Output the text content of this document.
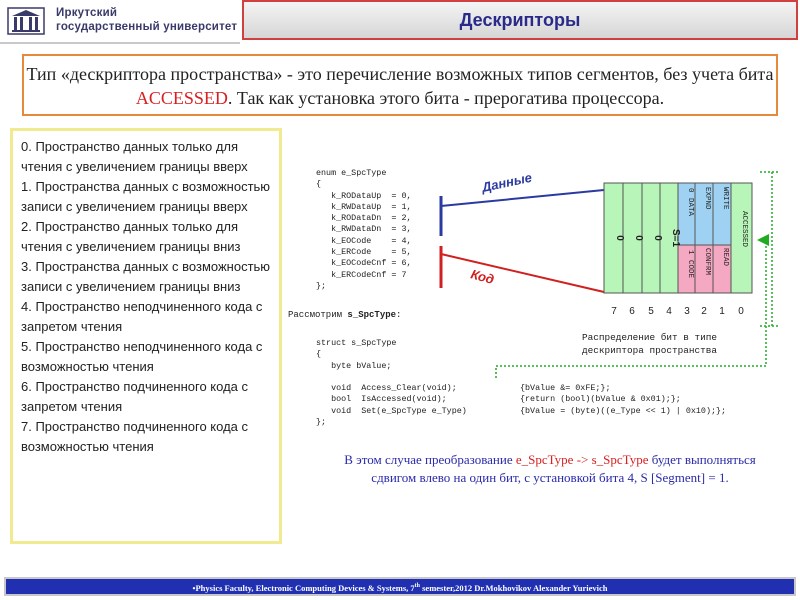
Иркутский
государственный университет	Дескрипторы
Тип «дескриптора пространства» - это перечисление возможных типов сегментов, без учета бита ACCESSED. Так как установка этого бита - прерогатива процессора.
0. Пространство данных только для чтения с увеличением границы вверх
1. Пространства данных с возможностью записи с увеличением границы вверх
2. Пространство данных только для чтения с увеличением границы вниз
3. Пространства данных с возможностью записи с увеличением границы вниз
4. Пространство неподчиненного кода с запретом чтения
5. Пространство неподчиненного кода с возможностью чтения
6. Пространство подчиненного кода с запретом чтения
7. Пространство подчиненного кода с возможностью чтения
enum e_SpcType
{
k_RODataUp  = 0,
k_RWDataUp  = 1,
k_RODataDn  = 2,
k_RWDataDn  = 3,
k_EOCode    = 4,
k_ERCode    = 5,
k_EOCodeCnf = 6,
k_ERCodeCnf = 7
};
Рассмотрим s_SpcType:
struct s_SpcType
{
byte bValue;

void  Access_Clear(void);
bool  IsAccessed(void);
void  Set(e_SpcType e_Type)
};
{bValue &= 0xFE;};
{return (bool)(bValue & 0x01);};
{bValue = (byte)((e_Type << 1) | 0x10);};
Данные
Код
0 0 0 S=1
0
DATA EXPND WRITE
1
CODE CONFRM READ
ACCESSED
7 6 5 4 3 2 1 0
Распределение бит в типе
дескриптора пространства
В этом случае преобразование e_SpcType -> s_SpcType будет выполняться сдвигом влево на один бит, с установкой бита 4, S [Segment] = 1.
•Physics Faculty, Electronic Computing Devices & Systems, 7th semester,2012 Dr.Mokhovikov Alexander Yurievich
